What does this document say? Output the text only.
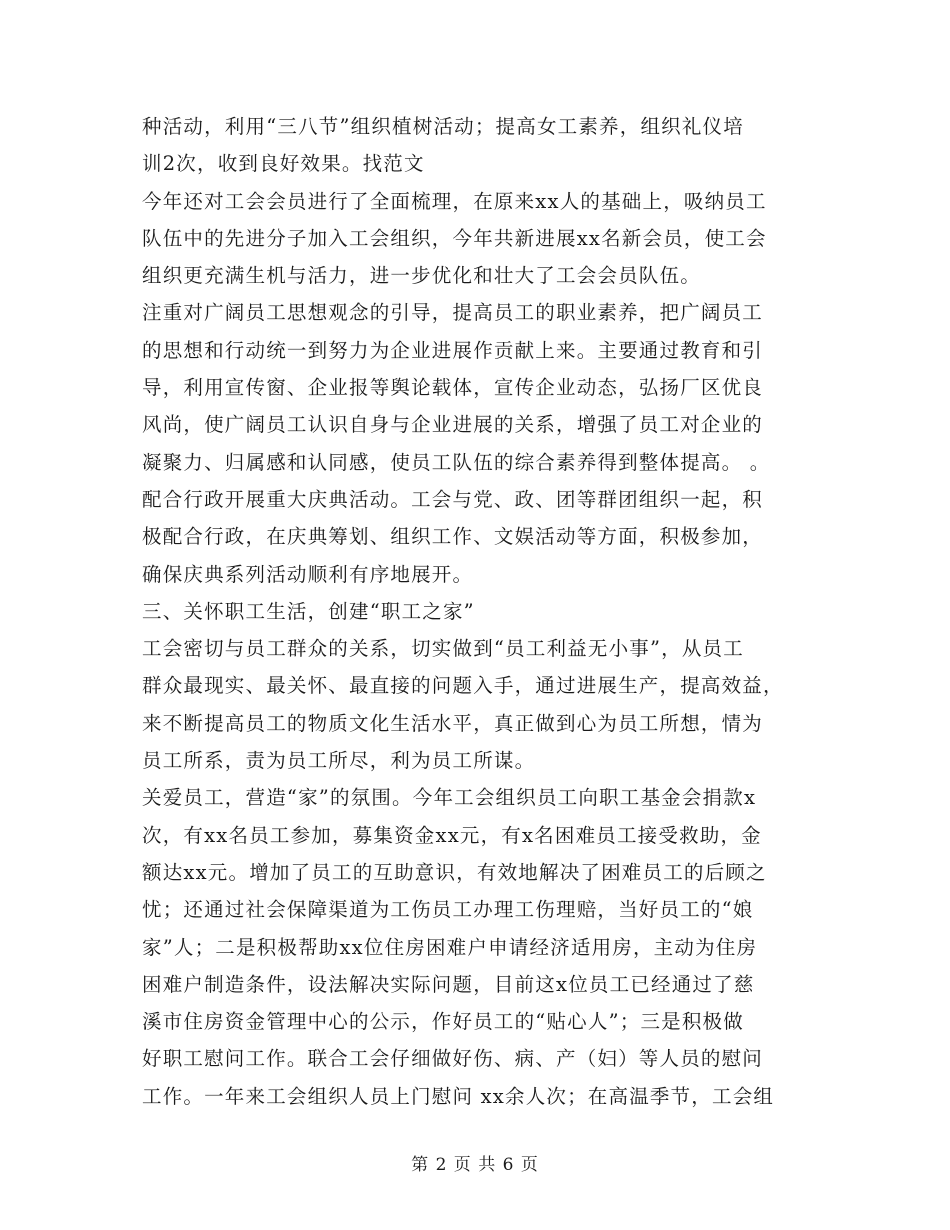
种活动，利用“三八节”组织植树活动；提高女工素养，组织礼仪培
训2次，收到良好效果。找范文
今年还对工会会员进行了全面梳理，在原来xx人的基础上，吸纳员工
队伍中的先进分子加入工会组织，今年共新进展xx名新会员，使工会
组织更充满生机与活力，进一步优化和壮大了工会会员队伍。
注重对广阔员工思想观念的引导，提高员工的职业素养，把广阔员工
的思想和行动统一到努力为企业进展作贡献上来。主要通过教育和引
导，利用宣传窗、企业报等舆论载体，宣传企业动态，弘扬厂区优良
风尚，使广阔员工认识自身与企业进展的关系，增强了员工对企业的
凝聚力、归属感和认同感，使员工队伍的综合素养得到整体提高。 。
配合行政开展重大庆典活动。工会与党、政、团等群团组织一起，积
极配合行政，在庆典筹划、组织工作、文娱活动等方面，积极参加，
确保庆典系列活动顺利有序地展开。
三、关怀职工生活，创建“职工之家”
工会密切与员工群众的关系，切实做到“员工利益无小事”，从员工
群众最现实、最关怀、最直接的问题入手，通过进展生产，提高效益，
来不断提高员工的物质文化生活水平，真正做到心为员工所想，情为
员工所系，责为员工所尽，利为员工所谋。
关爱员工，营造“家”的氛围。今年工会组织员工向职工基金会捐款x
次，有xx名员工参加，募集资金xx元，有x名困难员工接受救助，金
额达xx元。增加了员工的互助意识，有效地解决了困难员工的后顾之
忧；还通过社会保障渠道为工伤员工办理工伤理赔，当好员工的“娘
家”人；二是积极帮助xx位住房困难户申请经济适用房，主动为住房
困难户制造条件，设法解决实际问题，目前这x位员工已经通过了慈
溪市住房资金管理中心的公示，作好员工的“贴心人”；三是积极做
好职工慰问工作。联合工会仔细做好伤、病、产（妇）等人员的慰问
工作。一年来工会组织人员上门慰问 xx余人次；在高温季节，工会组
第 2 页 共 6 页
